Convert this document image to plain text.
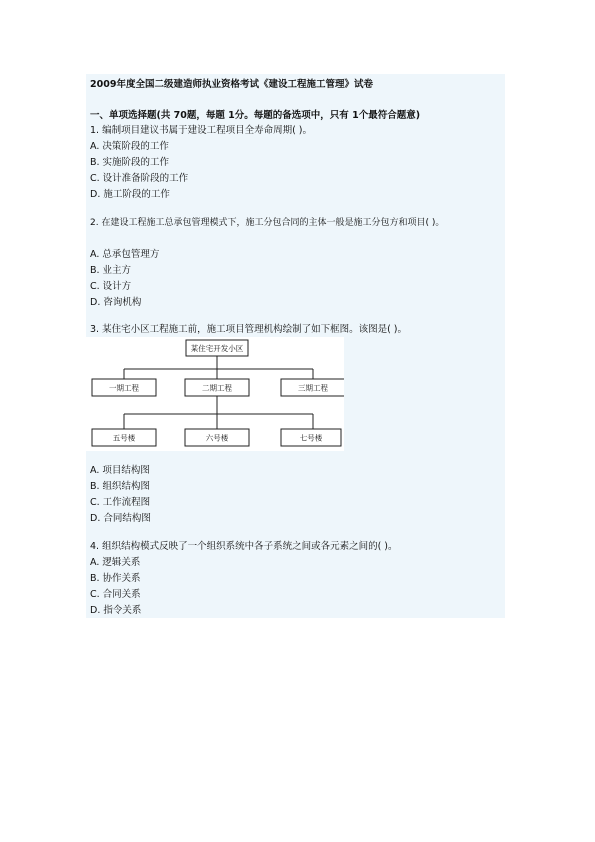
2009年度全国二级建造师执业资格考试《建设工程施工管理》试卷
一、单项选择题(共 70题，每题 1分。每题的备选项中，只有 1个最符合题意)
1. 编制项目建议书属于建设工程项目全寿命周期( )。
A. 决策阶段的工作
B. 实施阶段的工作
C. 设计准备阶段的工作
D. 施工阶段的工作
2. 在建设工程施工总承包管理模式下，施工分包合同的主体一般是施工分包方和项目( )。
A. 总承包管理方
B. 业主方
C. 设计方
D. 咨询机构
3. 某住宅小区工程施工前，施工项目管理机构绘制了如下框图。该图是( )。
某住宅开发小区
一期工程	二期工程	三期工程
五号楼	六号楼	七号楼
A. 项目结构图
B. 组织结构图
C. 工作流程图
D. 合同结构图
4. 组织结构模式反映了一个组织系统中各子系统之间或各元素之间的( )。
A. 逻辑关系
B. 协作关系
C. 合同关系
D. 指令关系
